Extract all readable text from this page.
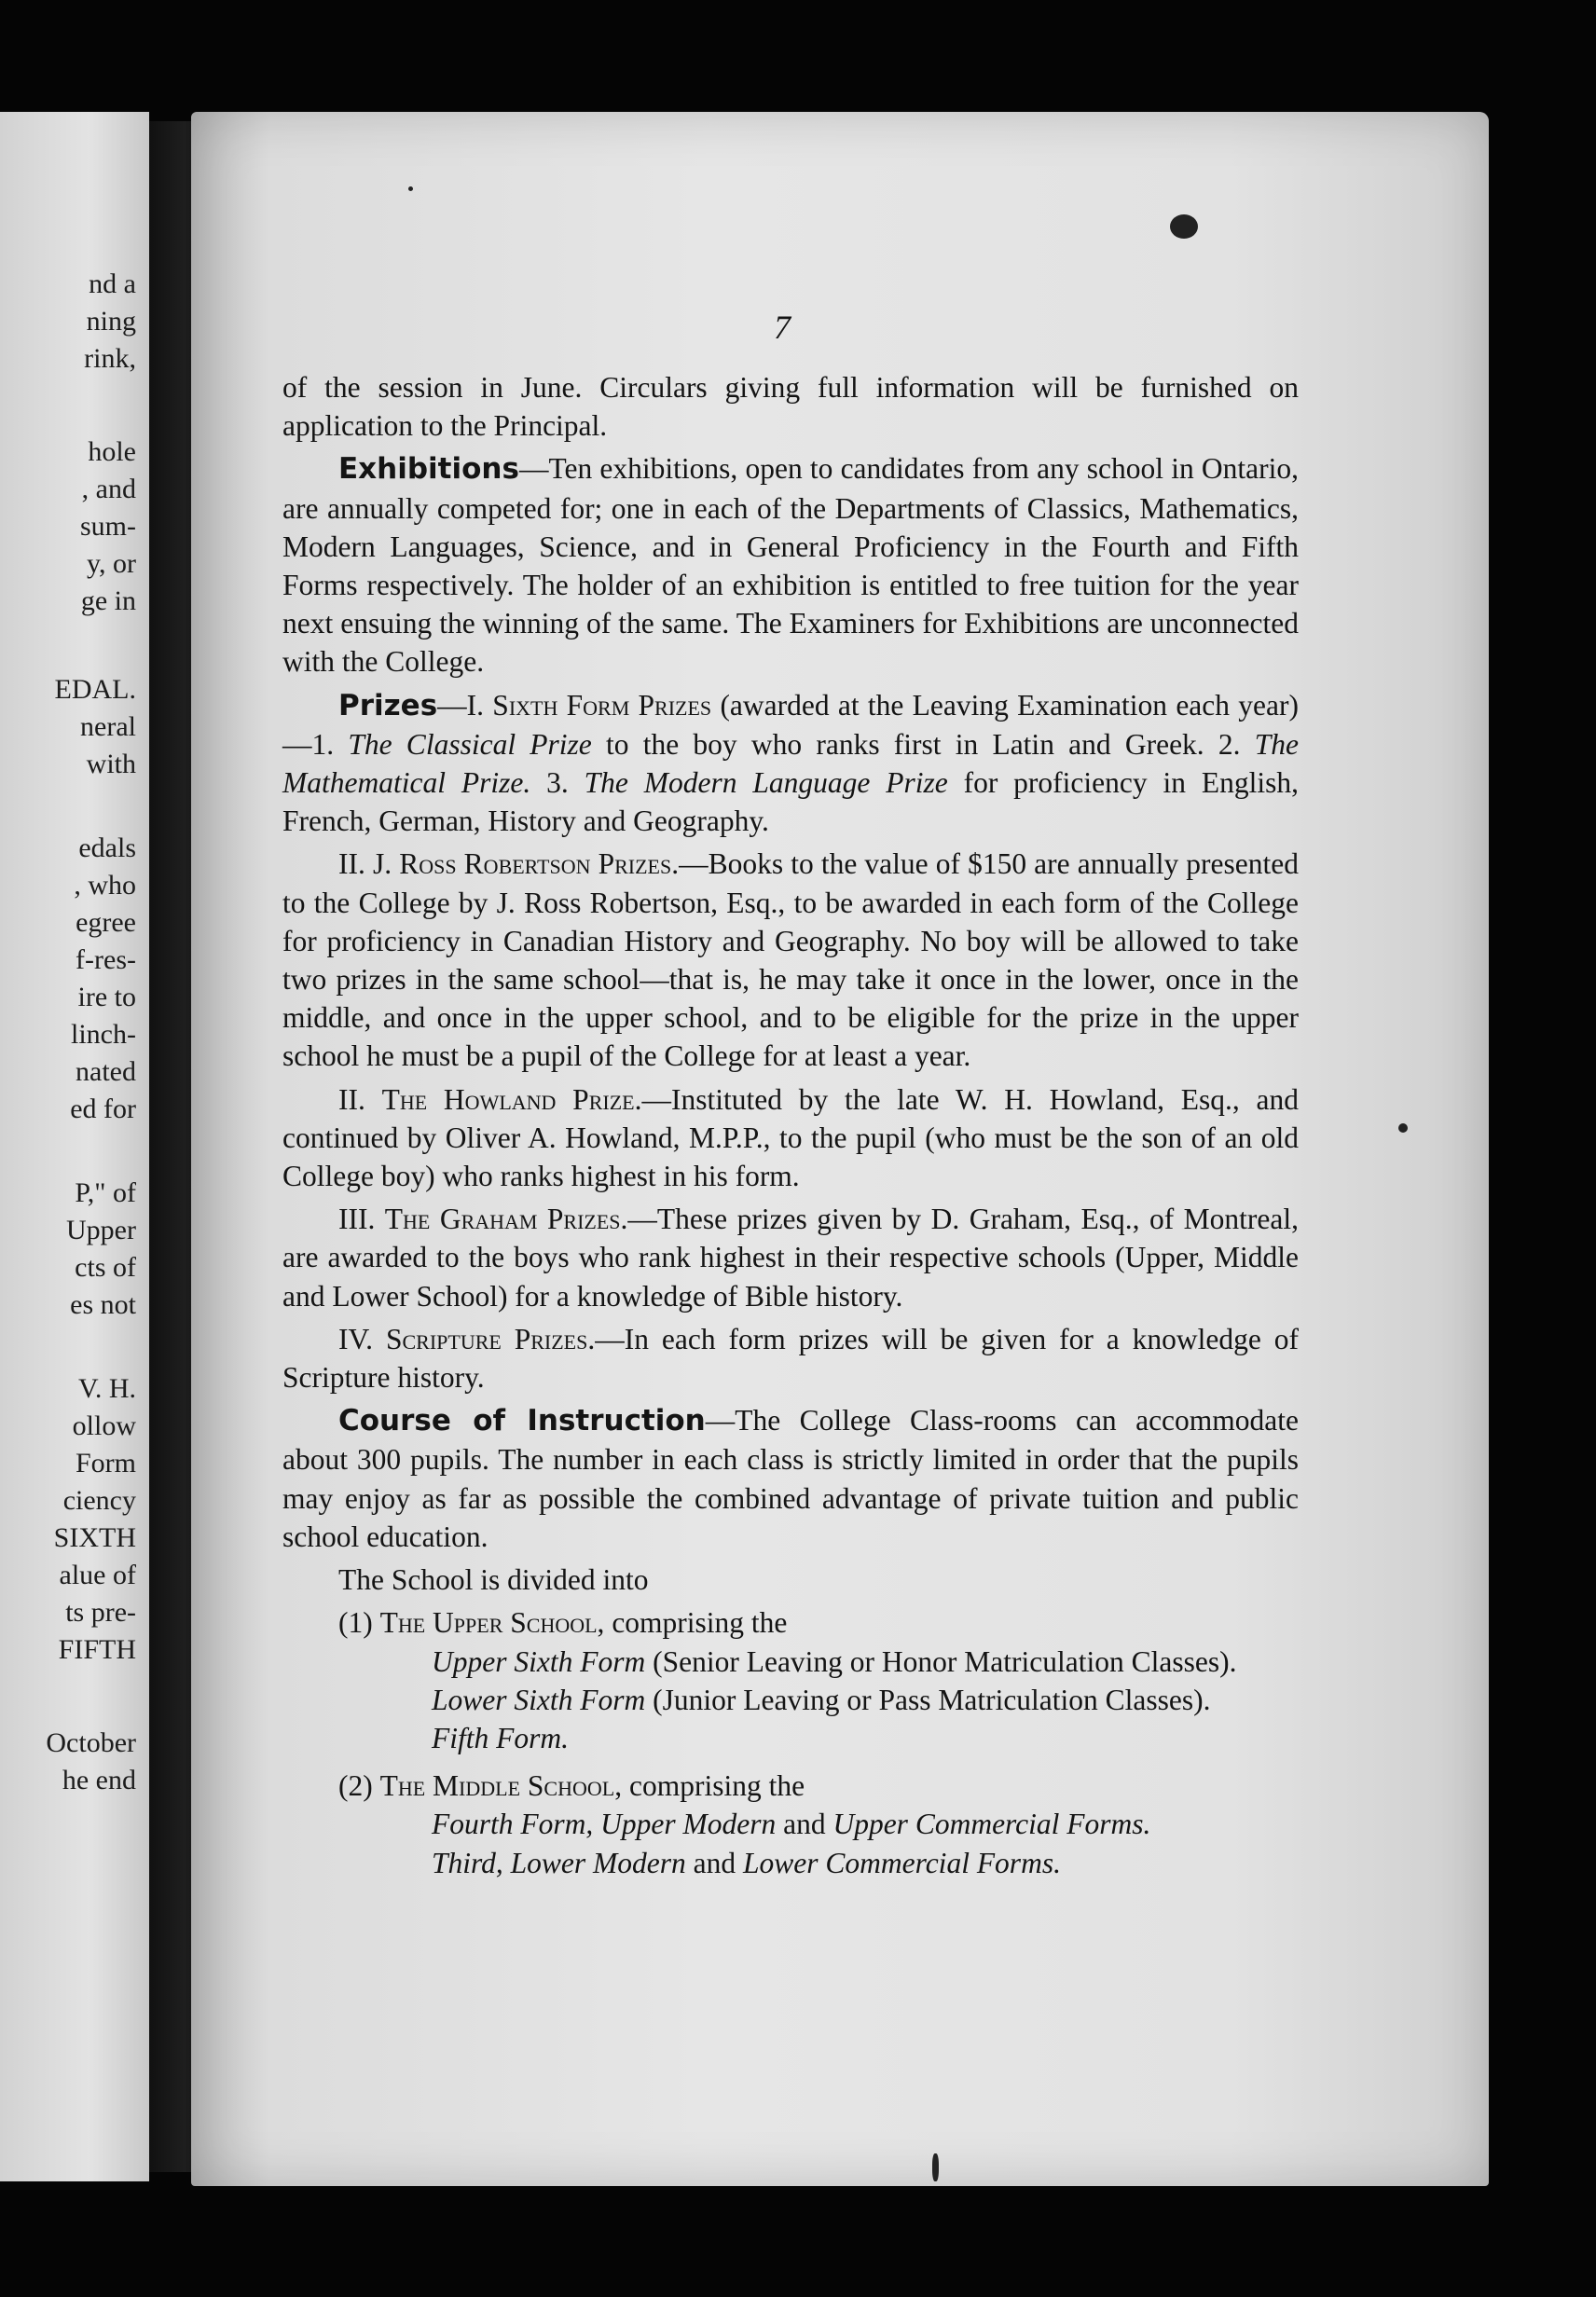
nd a
ning
rink,
hole
, and
sum-
y, or
ge in
EDAL.
neral
with
edals
, who
egree
f-res-
ire to
linch-
nated
ed for
P," of
Upper
cts of
es not
V. H.
ollow
Form
ciency
SIXTH
alue of
ts pre-
FIFTH
October
he end
7

of the session in June. Circulars giving full information will be furnished on application to the Principal.

Exhibitions—Ten exhibitions, open to candidates from any school in Ontario, are annually competed for; one in each of the Departments of Classics, Mathematics, Modern Languages, Science, and in General Proficiency in the Fourth and Fifth Forms respectively. The holder of an exhibition is entitled to free tuition for the year next ensuing the winning of the same. The Examiners for Exhibitions are unconnected with the College.

Prizes—I. Sixth Form Prizes (awarded at the Leaving Examination each year)—1. The Classical Prize to the boy who ranks first in Latin and Greek. 2. The Mathematical Prize. 3. The Modern Language Prize for proficiency in English, French, German, History and Geography.

II. J. Ross Robertson Prizes.—Books to the value of $150 are annually presented to the College by J. Ross Robertson, Esq., to be awarded in each form of the College for proficiency in Canadian History and Geography. No boy will be allowed to take two prizes in the same school—that is, he may take it once in the lower, once in the middle, and once in the upper school, and to be eligible for the prize in the upper school he must be a pupil of the College for at least a year.

II. The Howland Prize.—Instituted by the late W. H. Howland, Esq., and continued by Oliver A. Howland, M.P.P., to the pupil (who must be the son of an old College boy) who ranks highest in his form.

III. The Graham Prizes.—These prizes given by D. Graham, Esq., of Montreal, are awarded to the boys who rank highest in their respective schools (Upper, Middle and Lower School) for a knowledge of Bible history.

IV. Scripture Prizes.—In each form prizes will be given for a knowledge of Scripture history.

Course of Instruction—The College Class-rooms can accommodate about 300 pupils. The number in each class is strictly limited in order that the pupils may enjoy as far as possible the combined advantage of private tuition and public school education.

The School is divided into

(1) The Upper School, comprising the

Upper Sixth Form (Senior Leaving or Honor Matriculation Classes).

Lower Sixth Form (Junior Leaving or Pass Matriculation Classes).

Fifth Form.

(2) The Middle School, comprising the

Fourth Form, Upper Modern and Upper Commercial Forms.

Third, Lower Modern and Lower Commercial Forms.
